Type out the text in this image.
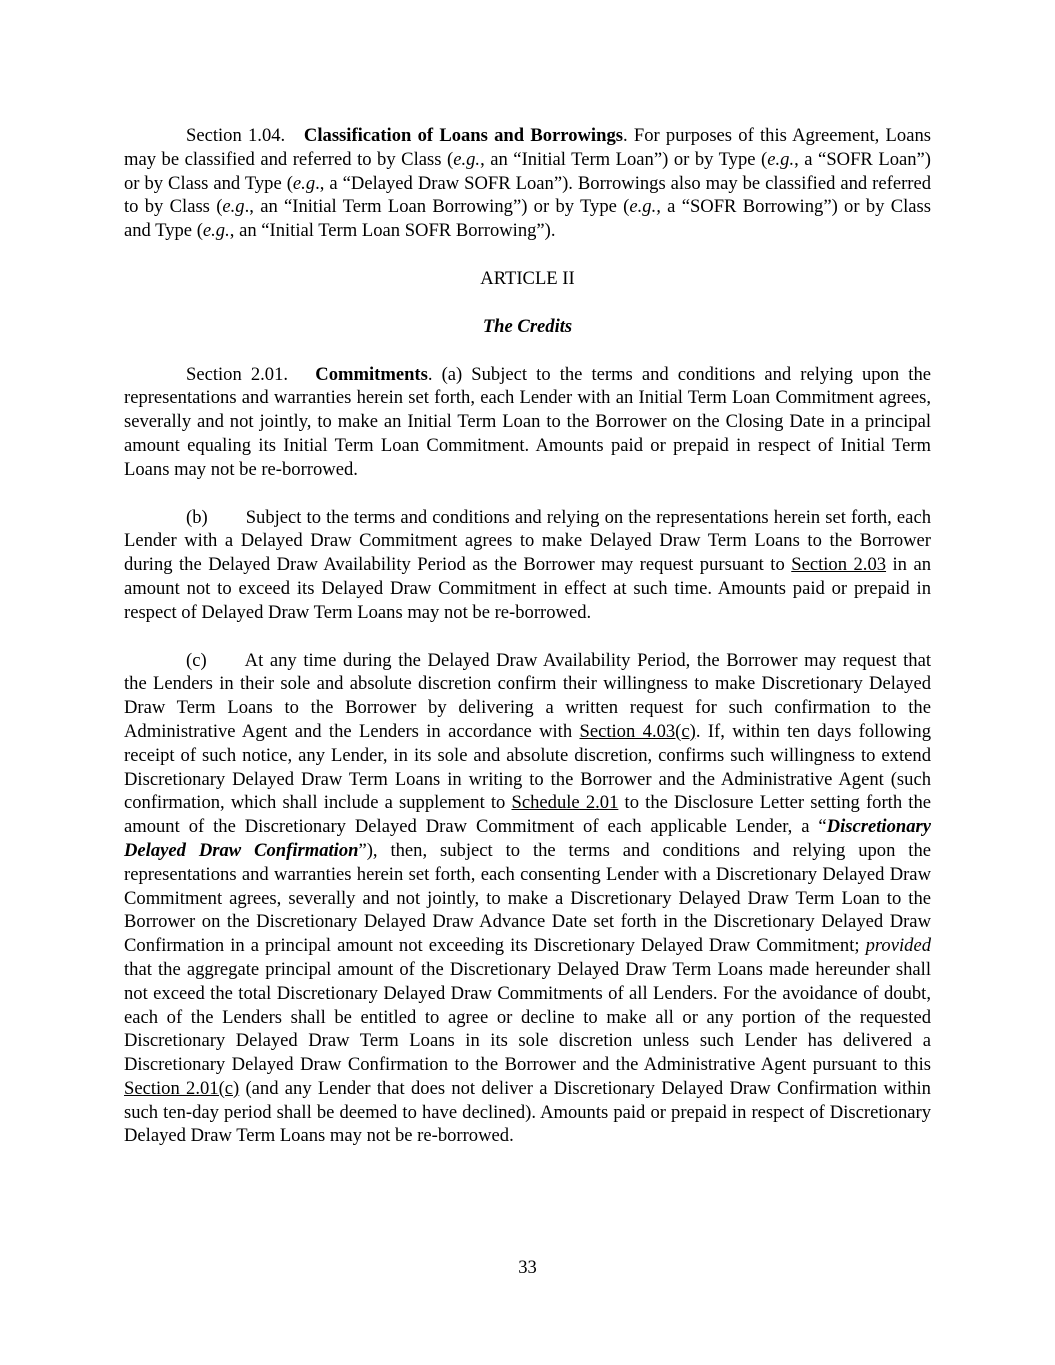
Section 1.04. Classification of Loans and Borrowings. For purposes of this Agreement, Loans may be classified and referred to by Class (e.g., an “Initial Term Loan”) or by Type (e.g., a “SOFR Loan”) or by Class and Type (e.g., a “Delayed Draw SOFR Loan”). Borrowings also may be classified and referred to by Class (e.g., an “Initial Term Loan Borrowing”) or by Type (e.g., a “SOFR Borrowing”) or by Class and Type (e.g., an “Initial Term Loan SOFR Borrowing”).

ARTICLE II

The Credits

Section 2.01. Commitments. (a) Subject to the terms and conditions and relying upon the representations and warranties herein set forth, each Lender with an Initial Term Loan Commitment agrees, severally and not jointly, to make an Initial Term Loan to the Borrower on the Closing Date in a principal amount equaling its Initial Term Loan Commitment. Amounts paid or prepaid in respect of Initial Term Loans may not be re-borrowed.

(b) Subject to the terms and conditions and relying on the representations herein set forth, each Lender with a Delayed Draw Commitment agrees to make Delayed Draw Term Loans to the Borrower during the Delayed Draw Availability Period as the Borrower may request pursuant to Section 2.03 in an amount not to exceed its Delayed Draw Commitment in effect at such time. Amounts paid or prepaid in respect of Delayed Draw Term Loans may not be re-borrowed.

(c) At any time during the Delayed Draw Availability Period, the Borrower may request that the Lenders in their sole and absolute discretion confirm their willingness to make Discretionary Delayed Draw Term Loans to the Borrower by delivering a written request for such confirmation to the Administrative Agent and the Lenders in accordance with Section 4.03(c). If, within ten days following receipt of such notice, any Lender, in its sole and absolute discretion, confirms such willingness to extend Discretionary Delayed Draw Term Loans in writing to the Borrower and the Administrative Agent (such confirmation, which shall include a supplement to Schedule 2.01 to the Disclosure Letter setting forth the amount of the Discretionary Delayed Draw Commitment of each applicable Lender, a “Discretionary Delayed Draw Confirmation”), then, subject to the terms and conditions and relying upon the representations and warranties herein set forth, each consenting Lender with a Discretionary Delayed Draw Commitment agrees, severally and not jointly, to make a Discretionary Delayed Draw Term Loan to the Borrower on the Discretionary Delayed Draw Advance Date set forth in the Discretionary Delayed Draw Confirmation in a principal amount not exceeding its Discretionary Delayed Draw Commitment; provided that the aggregate principal amount of the Discretionary Delayed Draw Term Loans made hereunder shall not exceed the total Discretionary Delayed Draw Commitments of all Lenders. For the avoidance of doubt, each of the Lenders shall be entitled to agree or decline to make all or any portion of the requested Discretionary Delayed Draw Term Loans in its sole discretion unless such Lender has delivered a Discretionary Delayed Draw Confirmation to the Borrower and the Administrative Agent pursuant to this Section 2.01(c) (and any Lender that does not deliver a Discretionary Delayed Draw Confirmation within such ten-day period shall be deemed to have declined). Amounts paid or prepaid in respect of Discretionary Delayed Draw Term Loans may not be re-borrowed.

33
